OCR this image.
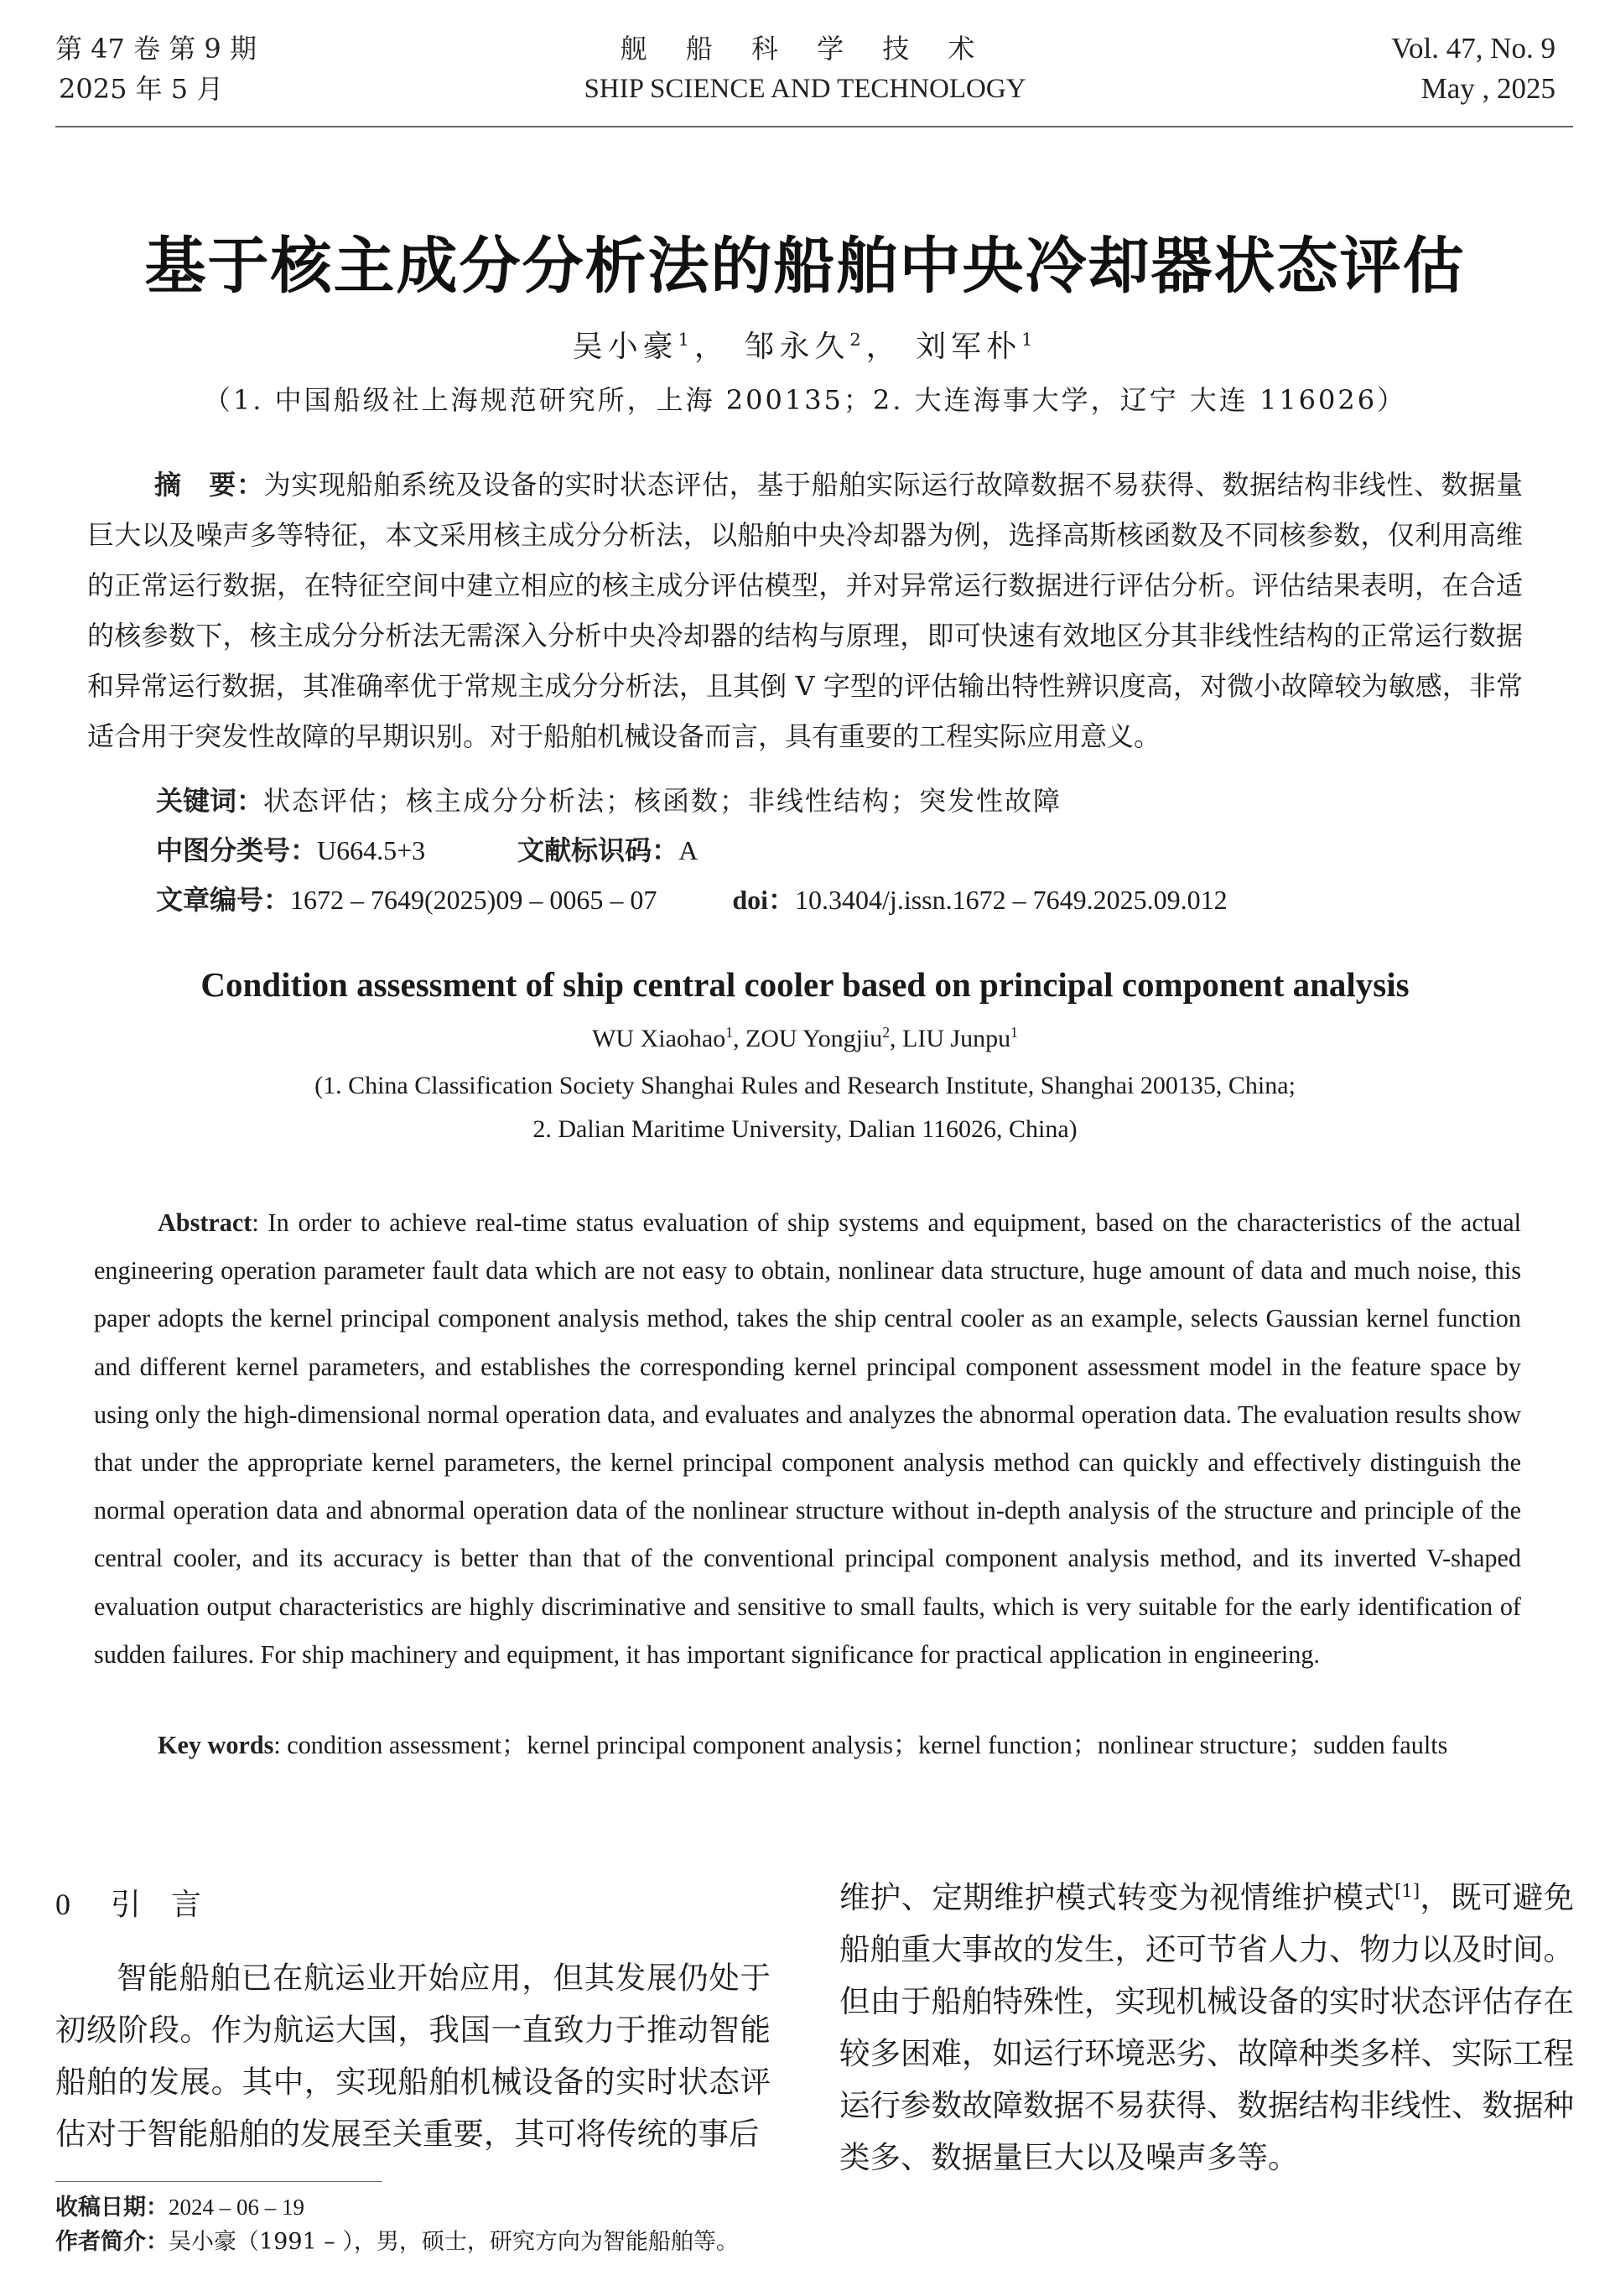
第 47 卷 第 9 期
2025 年 5 月
舰 船 科 学 技 术
SHIP SCIENCE AND TECHNOLOGY
Vol. 47, No. 9
May , 2025
基于核主成分分析法的船舶中央冷却器状态评估
吴小豪$^1$， 邹永久$^2$， 刘军朴$^1$
（1. 中国船级社上海规范研究所，上海 200135；2. 大连海事大学，辽宁 大连 116026）
摘　要：为实现船舶系统及设备的实时状态评估，基于船舶实际运行故障数据不易获得、数据结构非线性、数据量巨大以及噪声多等特征，本文采用核主成分分析法，以船舶中央冷却器为例，选择高斯核函数及不同核参数，仅利用高维的正常运行数据，在特征空间中建立相应的核主成分评估模型，并对异常运行数据进行评估分析。评估结果表明，在合适的核参数下，核主成分分析法无需深入分析中央冷却器的结构与原理，即可快速有效地区分其非线性结构的正常运行数据和异常运行数据，其准确率优于常规主成分分析法，且其倒 V 字型的评估输出特性辨识度高，对微小故障较为敏感，非常适合用于突发性故障的早期识别。对于船舶机械设备而言，具有重要的工程实际应用意义。
关键词：状态评估；核主成分分析法；核函数；非线性结构；突发性故障
中图分类号：U664.5+3	文献标识码：A
文章编号：1672 – 7649(2025)09 – 0065 – 07	doi：10.3404/j.issn.1672 – 7649.2025.09.012
Condition assessment of ship central cooler based on principal component analysis
WU Xiaohao$^1$, ZOU Yongjiu$^2$, LIU Junpu$^1$
(1. China Classification Society Shanghai Rules and Research Institute, Shanghai 200135, China;
2. Dalian Maritime University, Dalian 116026, China)
Abstract: In order to achieve real-time status evaluation of ship systems and equipment, based on the characteristics of the actual engineering operation parameter fault data which are not easy to obtain, nonlinear data structure, huge amount of data and much noise, this paper adopts the kernel principal component analysis method, takes the ship central cooler as an example, selects Gaussian kernel function and different kernel parameters, and establishes the corresponding kernel principal component assessment model in the feature space by using only the high-dimensional normal operation data, and evaluates and analyzes the abnormal operation data. The evaluation results show that under the appropriate kernel parameters, the kernel principal component analysis method can quickly and effectively distinguish the normal operation data and abnormal operation data of the nonlinear structure without in-depth analysis of the structure and principle of the central cooler, and its accuracy is better than that of the conventional principal component analysis method, and its inverted V-shaped evaluation output characteristics are highly discriminative and sensitive to small faults, which is very suitable for the early identification of sudden failures. For ship machinery and equipment, it has important significance for practical application in engineering.
Key words: condition assessment；kernel principal component analysis；kernel function；nonlinear structure；sudden faults
0 引言
智能船舶已在航运业开始应用，但其发展仍处于初级阶段。作为航运大国，我国一直致力于推动智能船舶的发展。其中，实现船舶机械设备的实时状态评估对于智能船舶的发展至关重要，其可将传统的事后
维护、定期维护模式转变为视情维护模式[1]，既可避免船舶重大事故的发生，还可节省人力、物力以及时间。但由于船舶特殊性，实现机械设备的实时状态评估存在较多困难，如运行环境恶劣、故障种类多样、实际工程运行参数故障数据不易获得、数据结构非线性、数据种类多、数据量巨大以及噪声多等。
收稿日期：2024 – 06 – 19
作者简介：吴小豪（1991 – ），男，硕士，研究方向为智能船舶等。
